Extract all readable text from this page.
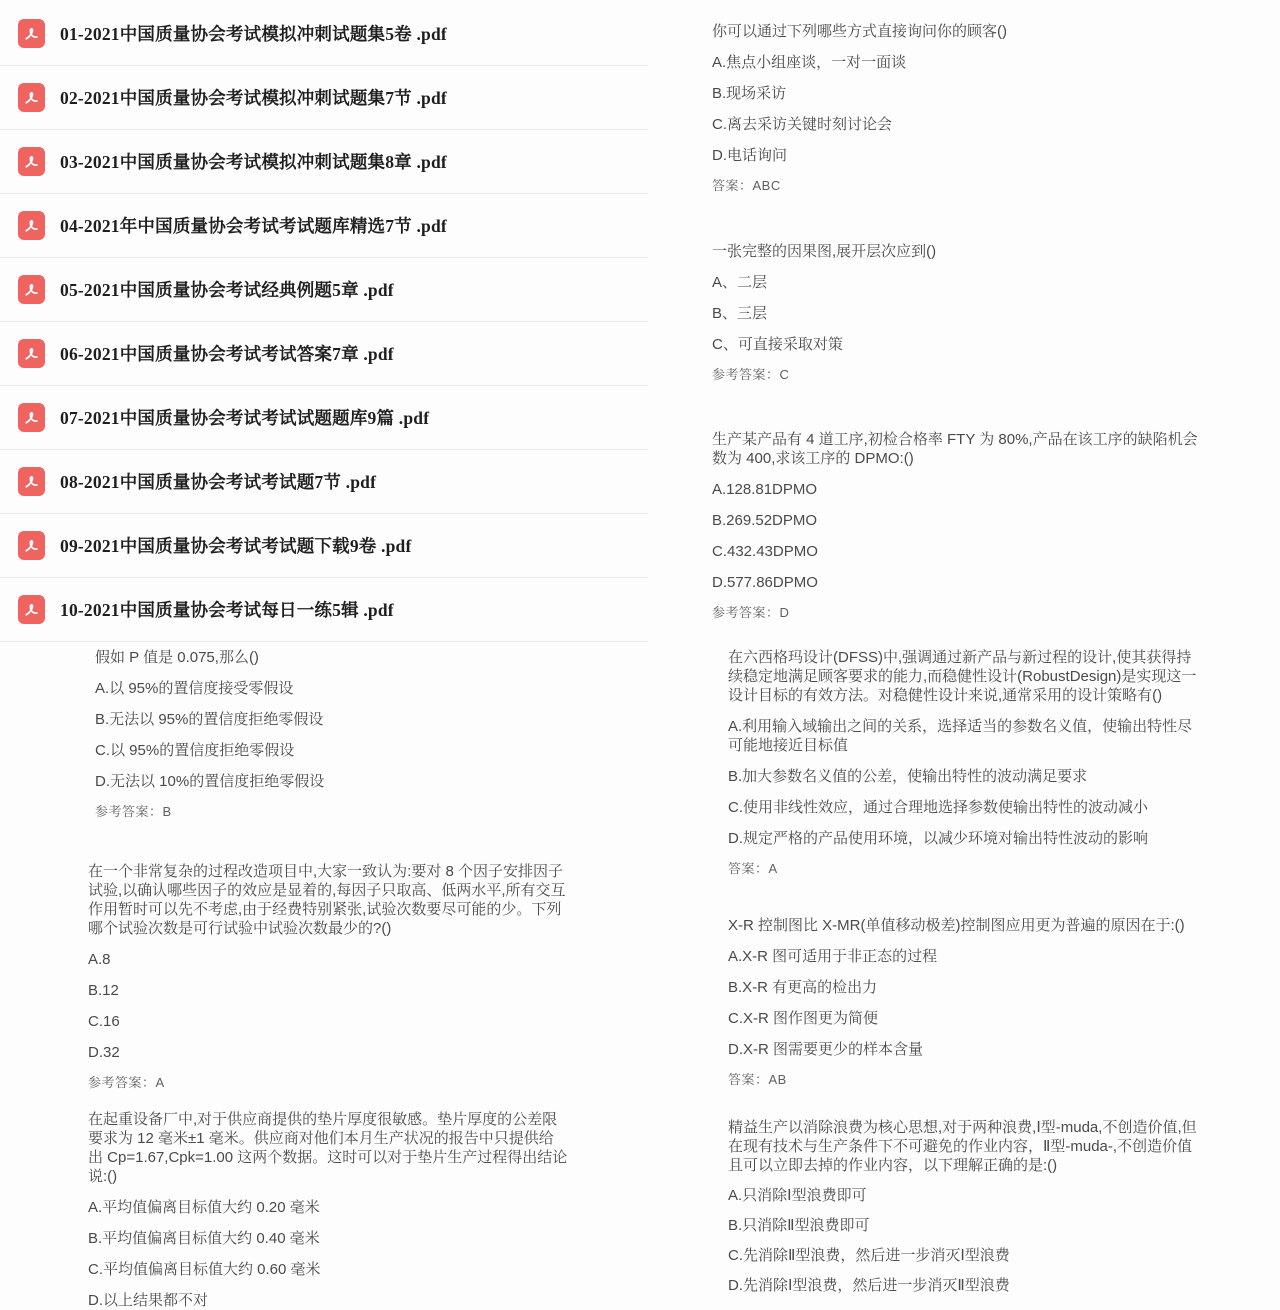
01-2021中国质量协会考试模拟冲刺试题集5卷 .pdf
02-2021中国质量协会考试模拟冲刺试题集7节 .pdf
03-2021中国质量协会考试模拟冲刺试题集8章 .pdf
04-2021年中国质量协会考试考试题库精选7节 .pdf
05-2021中国质量协会考试经典例题5章 .pdf
06-2021中国质量协会考试考试答案7章 .pdf
07-2021中国质量协会考试考试试题题库9篇 .pdf
08-2021中国质量协会考试考试题7节 .pdf
09-2021中国质量协会考试考试题下载9卷 .pdf
10-2021中国质量协会考试每日一练5辑 .pdf
假如 P 值是 0.075,那么()
A.以 95%的置信度接受零假设
B.无法以 95%的置信度拒绝零假设
C.以 95%的置信度拒绝零假设
D.无法以 10%的置信度拒绝零假设
参考答案：B
在一个非常复杂的过程改造项目中,大家一致认为:要对 8 个因子安排因子试验,以确认哪些因子的效应是显着的,每因子只取高、低两水平,所有交互作用暂时可以先不考虑,由于经费特别紧张,试验次数要尽可能的少。下列哪个试验次数是可行试验中试验次数最少的?()
A.8
B.12
C.16
D.32
参考答案：A
在起重设备厂中,对于供应商提供的垫片厚度很敏感。垫片厚度的公差限要求为 12 毫米±1 毫米。供应商对他们本月生产状况的报告中只提供给出 Cp=1.67,Cpk=1.00 这两个数据。这时可以对于垫片生产过程得出结论说:()
A.平均值偏离目标值大约 0.20 毫米
B.平均值偏离目标值大约 0.40 毫米
C.平均值偏离目标值大约 0.60 毫米
D.以上结果都不对
你可以通过下列哪些方式直接询问你的顾客()
A.焦点小组座谈，一对一面谈
B.现场采访
C.离去采访关键时刻讨论会
D.电话询问
答案：ABC
一张完整的因果图,展开层次应到()
A、二层
B、三层
C、可直接采取对策
参考答案：C
生产某产品有 4 道工序,初检合格率 FTY 为 80%,产品在该工序的缺陷机会数为 400,求该工序的 DPMO:()
A.128.81DPMO
B.269.52DPMO
C.432.43DPMO
D.577.86DPMO
参考答案：D
在六西格玛设计(DFSS)中,强调通过新产品与新过程的设计,使其获得持续稳定地满足顾客要求的能力,而稳健性设计(RobustDesign)是实现这一设计目标的有效方法。对稳健性设计来说,通常采用的设计策略有()
A.利用输入域输出之间的关系，选择适当的参数名义值，使输出特性尽可能地接近目标值
B.加大参数名义值的公差，使输出特性的波动满足要求
C.使用非线性效应，通过合理地选择参数使输出特性的波动减小
D.规定严格的产品使用环境，以减少环境对输出特性波动的影响
答案：A
X-R 控制图比 X-MR(单值移动极差)控制图应用更为普遍的原因在于:()
A.X-R 图可适用于非正态的过程
B.X-R 有更高的检出力
C.X-R 图作图更为简便
D.X-R 图需要更少的样本含量
答案：AB
精益生产以消除浪费为核心思想,对于两种浪费,Ⅰ型-muda,不创造价值,但在现有技术与生产条件下不可避免的作业内容，Ⅱ型-muda-,不创造价值且可以立即去掉的作业内容，以下理解正确的是:()
A.只消除Ⅰ型浪费即可
B.只消除Ⅱ型浪费即可
C.先消除Ⅱ型浪费，然后进一步消灭Ⅰ型浪费
D.先消除Ⅰ型浪费，然后进一步消灭Ⅱ型浪费
